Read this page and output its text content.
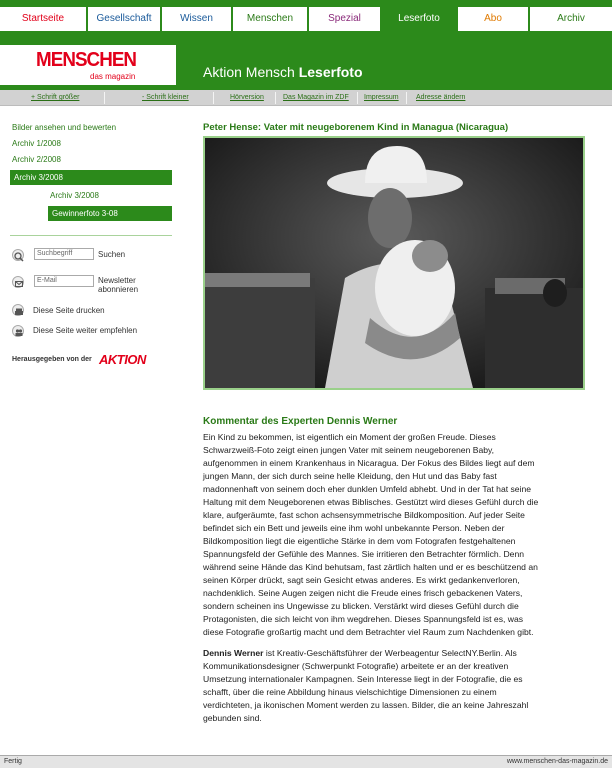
Startseite	Gesellschaft	Wissen	Menschen	Spezial	Leserfoto	Abo	Archiv
MENSCHEN
das magazin	Aktion Mensch Leserfoto
+ Schrift größer	- Schrift kleiner	Hörversion	Das Magazin im ZDF Impressum Adresse ändern
Bilder ansehen und bewerten
Archiv 1/2008
Archiv 2/2008
Archiv 3/2008
Archiv 3/2008
Gewinnerfoto 3-08
Suchbegriff	Suchen
E-Mail	Newsletter
abonnieren
Diese Seite drucken
Diese Seite weiter empfehlen
Herausgegeben von der AKTION
Peter Hense: Vater mit neugeborenem Kind in Managua (Nicaragua)
Kommentar des Experten Dennis Werner
Ein Kind zu bekommen, ist eigentlich ein Moment der großen Freude. Dieses
Schwarzweiß-Foto zeigt einen jungen Vater mit seinem neugeborenen Baby,
aufgenommen in einem Krankenhaus in Nicaragua. Der Fokus des Bildes liegt auf dem
jungen Mann, der sich durch seine helle Kleidung, den Hut und das Baby fast
madonnenhaft von seinem doch eher dunklen Umfeld abhebt. Und in der Tat hat seine
Haltung mit dem Neugeborenen etwas Biblisches. Gestützt wird dieses Gefühl durch die
klare, aufgeräumte, fast schon achsensymmetrische Bildkomposition. Auf jeder Seite
befindet sich ein Bett und jeweils eine ihm wohl unbekannte Person. Neben der
Bildkomposition liegt die eigentliche Stärke in dem vom Fotografen festgehaltenen
Spannungsfeld der Gefühle des Mannes. Sie irritieren den Betrachter förmlich. Denn
während seine Hände das Kind behutsam, fast zärtlich halten und er es beschützend an
seinen Körper drückt, sagt sein Gesicht etwas anderes. Es wirkt gedankenverloren,
nachdenklich. Seine Augen zeigen nicht die Freude eines frisch gebackenen Vaters,
sondern scheinen ins Ungewisse zu blicken. Verstärkt wird dieses Gefühl durch die
Protagonisten, die sich leicht von ihm wegdrehen. Dieses Spannungsfeld ist es, was
diese Fotografie großartig macht und dem Betrachter viel Raum zum Nachdenken gibt.
Dennis Werner ist Kreativ-Geschäftsführer der Werbeagentur SelectNY.Berlin. Als
Kommunikationsdesigner (Schwerpunkt Fotografie) arbeitete er an der kreativen
Umsetzung internationaler Kampagnen. Sein Interesse liegt in der Fotografie, die es
schafft, über die reine Abbildung hinaus vielschichtige Dimensionen zu einem
verdichteten, ja ikonischen Moment werden zu lassen. Bilder, die an keine Jahreszahl
gebunden sind.
Fertig	www.menschen-das-magazin.de
